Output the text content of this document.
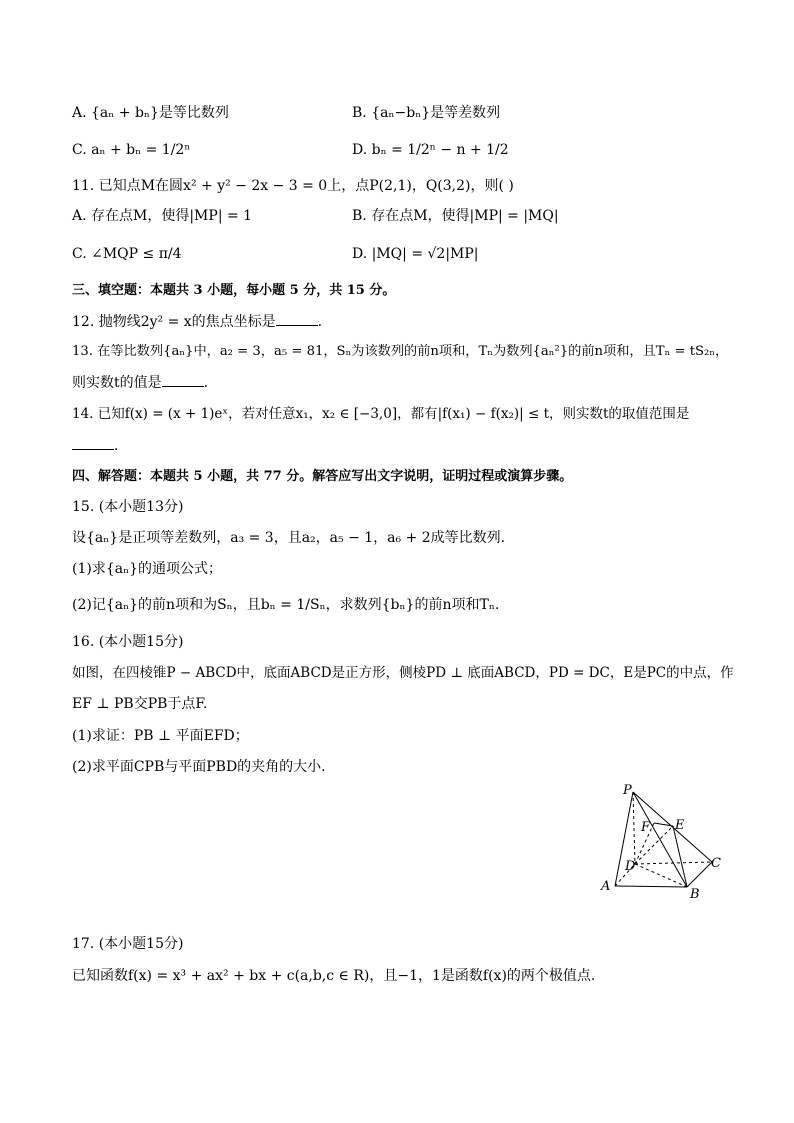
A. {aₙ + bₙ}是等比数列	B. {aₙ−bₙ}是等差数列
C. aₙ + bₙ = 1/2ⁿ	D. bₙ = 1/2ⁿ − n + 1/2
11. 已知点M在圆x² + y² − 2x − 3 = 0上，点P(2,1)，Q(3,2)，则( )
A. 存在点M，使得|MP| = 1	B. 存在点M，使得|MP| = |MQ|
C. ∠MQP ≤ π/4	D. |MQ| = √2|MP|
三、填空题：本题共 3 小题，每小题 5 分，共 15 分。
12. 抛物线2y² = x的焦点坐标是	.
13. 在等比数列{aₙ}中，a₂ = 3，a₅ = 81，Sₙ为该数列的前n项和，Tₙ为数列{aₙ²}的前n项和，且Tₙ = tS₂ₙ，
则实数t的值是	.
14. 已知f(x) = (x + 1)eˣ，若对任意x₁，x₂ ∈ [−3,0]，都有|f(x₁) − f(x₂)| ≤ t，则实数t的取值范围是
.
四、解答题：本题共 5 小题，共 77 分。解答应写出文字说明，证明过程或演算步骤。
15. (本小题13分)
设{aₙ}是正项等差数列，a₃ = 3，且a₂，a₅ − 1，a₆ + 2成等比数列.
(1)求{aₙ}的通项公式；
(2)记{aₙ}的前n项和为Sₙ，且bₙ = 1/Sₙ，求数列{bₙ}的前n项和Tₙ.
16. (本小题15分)
如图，在四棱锥P − ABCD中，底面ABCD是正方形，侧棱PD ⊥ 底面ABCD，PD = DC，E是PC的中点，作
EF ⊥ PB交PB于点F.
(1)求证：PB ⊥ 平面EFD；
(2)求平面CPB与平面PBD的夹角的大小.
P
F E
D	C
A
B
17. (本小题15分)
已知函数f(x) = x³ + ax² + bx + c(a,b,c ∈ R)，且−1，1是函数f(x)的两个极值点.
